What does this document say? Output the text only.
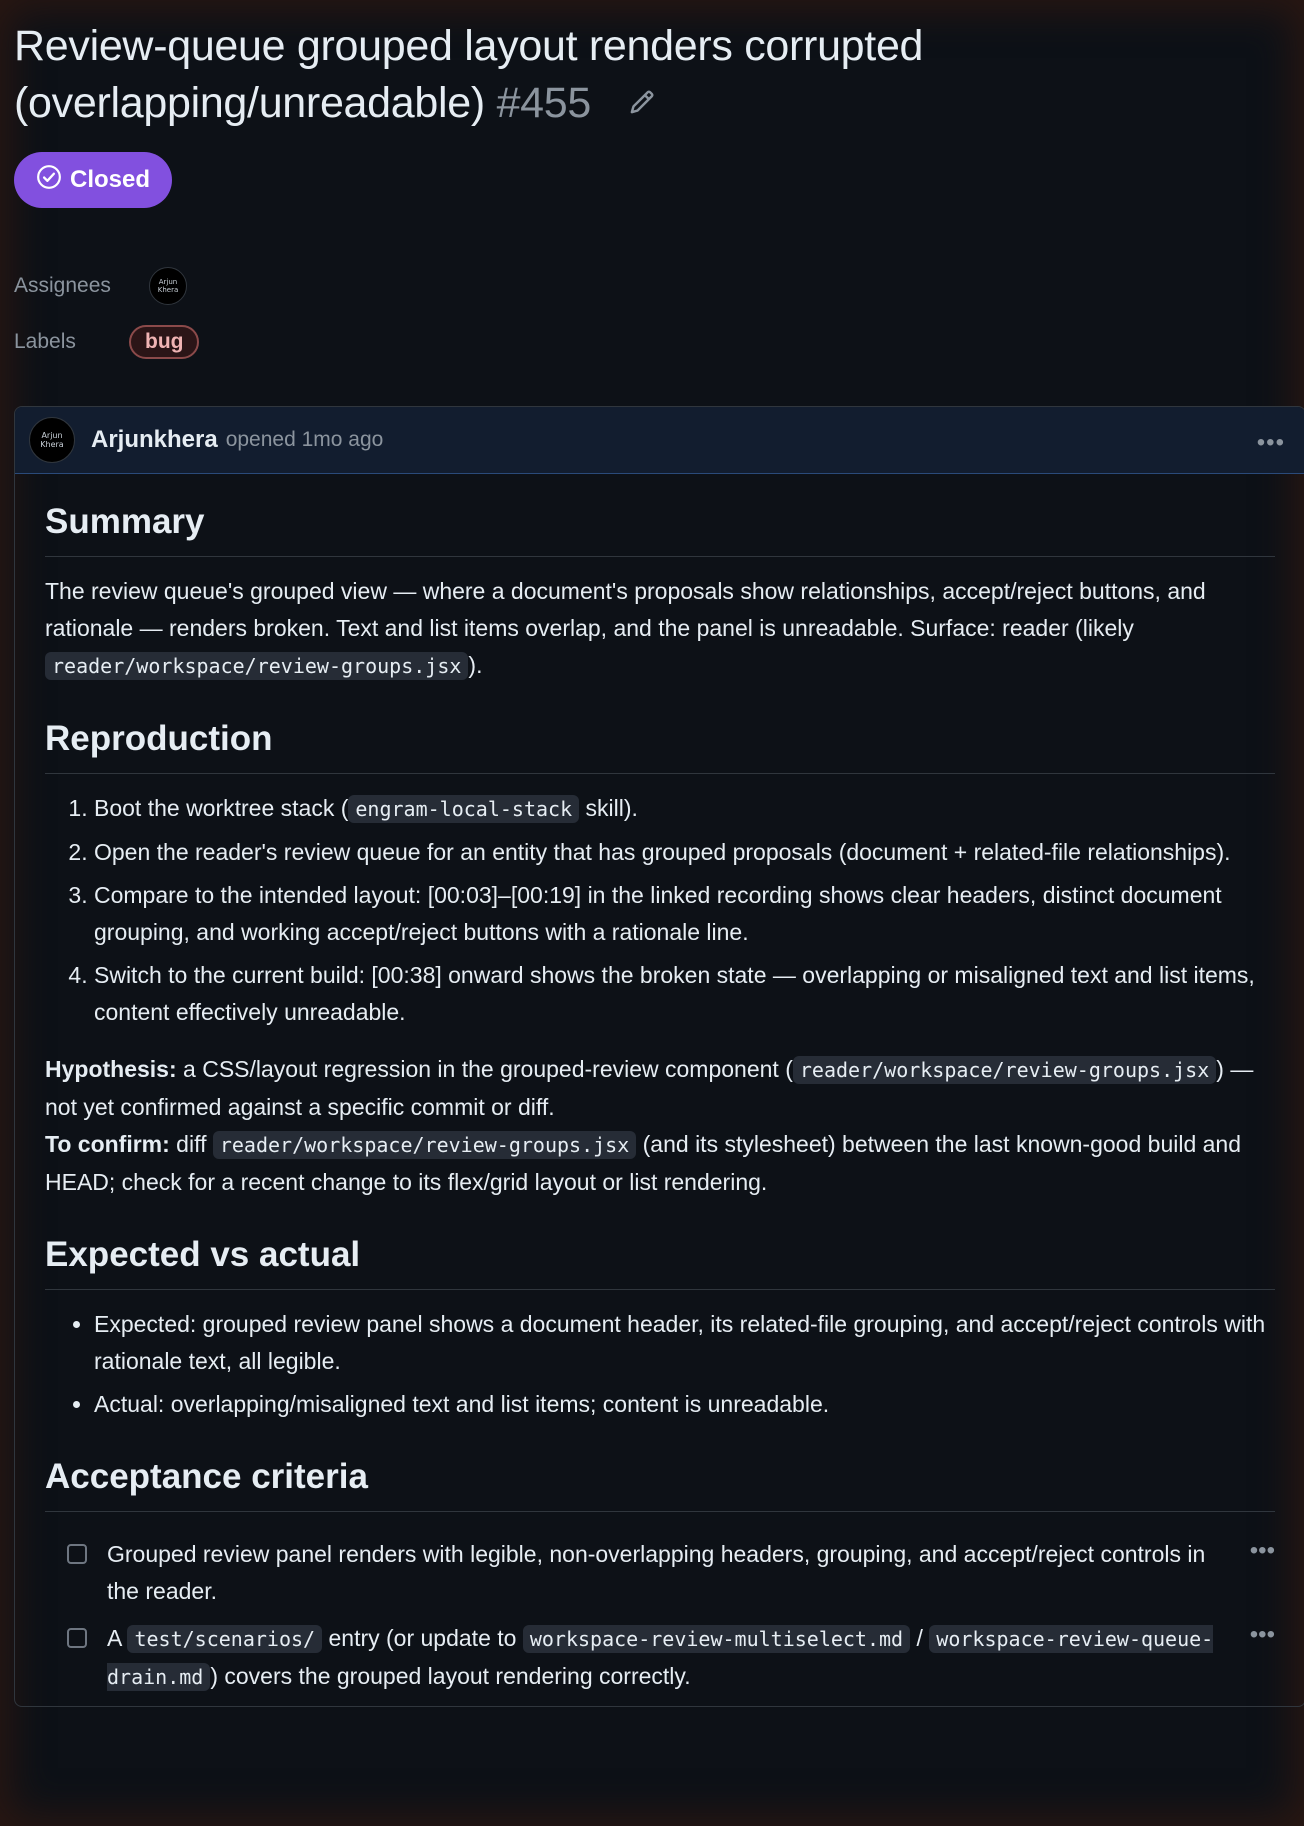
Review-queue grouped layout renders corrupted (overlapping/unreadable) #455
Closed
Assignees	Arjun Khera
Labels	bug
Arjun Khera	Arjunkhera opened 1mo ago	•••
Summary

The review queue's grouped view — where a document's proposals show relationships, accept/reject buttons, and rationale — renders broken. Text and list items overlap, and the panel is unreadable. Surface: reader (likely reader/workspace/review-groups.jsx ).

Reproduction
1. Boot the worktree stack ( engram-local-stack skill).
2. Open the reader's review queue for an entity that has grouped proposals (document + related-file relationships).
3. Compare to the intended layout: [00:03]–[00:19] in the linked recording shows clear headers, distinct document grouping, and working accept/reject buttons with a rationale line.
4. Switch to the current build: [00:38] onward shows the broken state — overlapping or misaligned text and list items, content effectively unreadable.

Hypothesis: a CSS/layout regression in the grouped-review component ( reader/workspace/review-groups.jsx ) — not yet confirmed against a specific commit or diff.
To confirm: diff reader/workspace/review-groups.jsx (and its stylesheet) between the last known-good build and HEAD; check for a recent change to its flex/grid layout or list rendering.

Expected vs actual
• Expected: grouped review panel shows a document header, its related-file grouping, and accept/reject controls with rationale text, all legible.
• Actual: overlapping/misaligned text and list items; content is unreadable.
Acceptance criteria
Grouped review panel renders with legible, non-overlapping headers, grouping, and accept/reject controls in the reader.
•••
A test/scenarios/ entry (or update to workspace-review-multiselect.md / workspace-review-queue-drain.md ) covers the grouped layout rendering correctly.
•••
